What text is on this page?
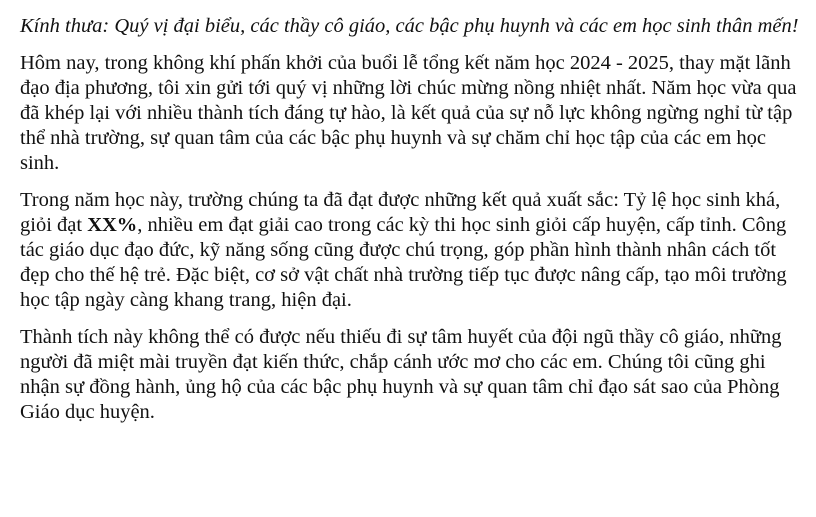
Kính thưa: Quý vị đại biểu, các thầy cô giáo, các bậc phụ huynh và các em học sinh thân mến!

Hôm nay, trong không khí phấn khởi của buổi lễ tổng kết năm học 2024 - 2025, thay mặt lãnh đạo địa phương, tôi xin gửi tới quý vị những lời chúc mừng nồng nhiệt nhất. Năm học vừa qua đã khép lại với nhiều thành tích đáng tự hào, là kết quả của sự nỗ lực không ngừng nghỉ từ tập thể nhà trường, sự quan tâm của các bậc phụ huynh và sự chăm chỉ học tập của các em học sinh.

Trong năm học này, trường chúng ta đã đạt được những kết quả xuất sắc: Tỷ lệ học sinh khá, giỏi đạt XX%, nhiều em đạt giải cao trong các kỳ thi học sinh giỏi cấp huyện, cấp tỉnh. Công tác giáo dục đạo đức, kỹ năng sống cũng được chú trọng, góp phần hình thành nhân cách tốt đẹp cho thế hệ trẻ. Đặc biệt, cơ sở vật chất nhà trường tiếp tục được nâng cấp, tạo môi trường học tập ngày càng khang trang, hiện đại.

Thành tích này không thể có được nếu thiếu đi sự tâm huyết của đội ngũ thầy cô giáo, những người đã miệt mài truyền đạt kiến thức, chắp cánh ước mơ cho các em. Chúng tôi cũng ghi nhận sự đồng hành, ủng hộ của các bậc phụ huynh và sự quan tâm chỉ đạo sát sao của Phòng Giáo dục huyện.
